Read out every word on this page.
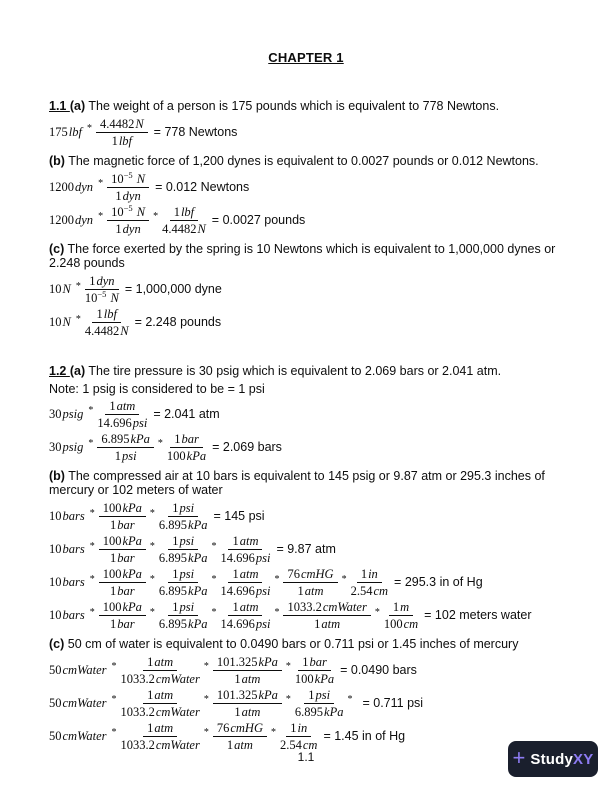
CHAPTER 1
1.1 (a) The weight of a person is 175 pounds which is equivalent to 778 Newtons.
$175lbf * \frac{4.4482N}{\text{1lbf}} = 778$ Newtons
(b) The magnetic force of 1,200 dynes is equivalent to 0.0027 pounds or 0.012 Newtons.
$1200dyn * \frac{10^{-5} N}{\text{1dyn}} = 0.012$ Newtons
$1200dyn * \frac{10^{-5} N}{\text{1dyn}} * \frac{\text{1lbf}}{4.4482N} = 0.0027$ pounds
(c) The force exerted by the spring is 10 Newtons which is equivalent to 1,000,000 dynes or 2.248 pounds
$10N * \frac{\text{1dyn}}{10^{-5} N} = 1,000,000$ dyne
$10N * \frac{\text{1lbf}}{4.4482N} = 2.248$ pounds
1.2 (a) The tire pressure is 30 psig which is equivalent to 2.069 bars or 2.041 atm.
Note: 1 psig is considered to be = 1 psi
30psig * $\frac{\text{1atm}}{\text{14.696psi}} = 2.041$ atm
30psig * $\frac{\text{6.895kPa}}{\text{1psi}} * \frac{\text{1bar}}{\text{100kPa}} = 2.069$ bars
(b) The compressed air at 10 bars is equivalent to 145 psig or 9.87 atm or 295.3 inches of mercury or 102 meters of water
10bars * $\frac{\text{100kPa}}{\text{1bar}} * \frac{\text{1psi}}{\text{6.895kPa}} = 145$ psi
10bars * $\frac{\text{100kPa}}{\text{1bar}} * \frac{\text{1psi}}{\text{6.895kPa}} * \frac{\text{1atm}}{\text{14.696psi}} = 9.87$ atm
10bars * $\frac{\text{100kPa}}{\text{1bar}} * \frac{\text{1psi}}{\text{6.895kPa}} * \frac{\text{1atm}}{\text{14.696psi}} * \frac{\text{76cmHG}}{\text{1atm}} * \frac{1in}{2.54cm} = 295.3$ in of Hg
10bars * $\frac{\text{100kPa}}{\text{1bar}} * \frac{\text{1psi}}{\text{6.895kPa}} * \frac{\text{1atm}}{\text{14.696psi}} * \frac{\text{1033.2cmWater}}{\text{1atm}} * \frac{1m}{100cm} = 102$ meters water
(c) 50 cm of water is equivalent to 0.0490 bars or 0.711 psi or 1.45 inches of mercury
50cmWater * $\frac{\text{1atm}}{\text{1033.2cmWater}} * \frac{\text{101.325kPa}}{\text{1atm}} * \frac{\text{1bar}}{\text{100kPa}} = 0.0490$ bars
50cmWater * $\frac{\text{1atm}}{\text{1033.2cmWater}} * \frac{\text{101.325kPa}}{\text{1atm}} * \frac{\text{1psi}}{\text{6.895kPa}}$ * = 0.711 psi
50cmWater * $\frac{\text{1atm}}{\text{1033.2cmWater}} * \frac{\text{76cmHG}}{\text{1atm}} * \frac{1in}{2.54cm} = 1.45$ in of Hg
1.1	+ StudyXY
